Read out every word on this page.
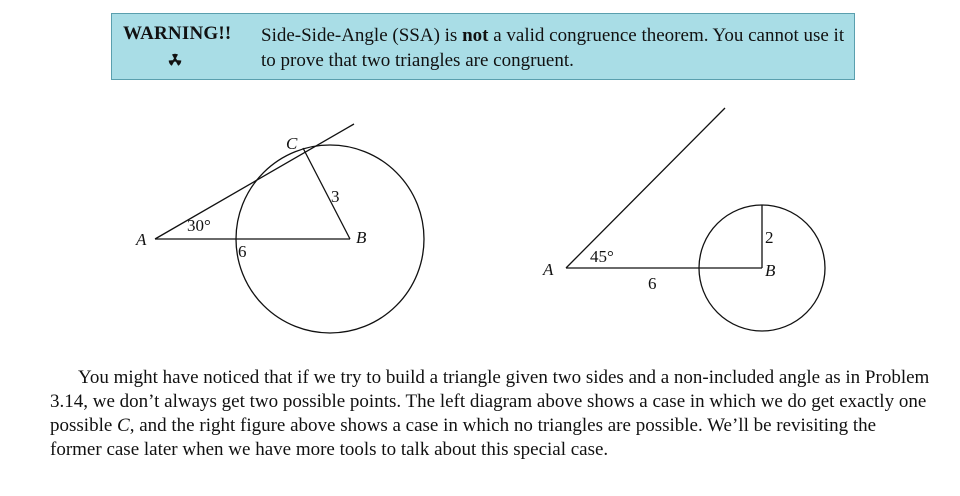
WARNING!! Side-Side-Angle (SSA) is not a valid congruence theorem. You cannot use it to prove that two triangles are congruent.
A	B
C
30°
6
3
A	B
45°
6
2

You might have noticed that if we try to build a triangle given two sides and a non-included angle as in Problem 3.14, we don’t always get two possible points. The left diagram above shows a case in which we do get exactly one possible C, and the right figure above shows a case in which no triangles are possible. We’ll be revisiting the former case later when we have more tools to talk about this special case.
